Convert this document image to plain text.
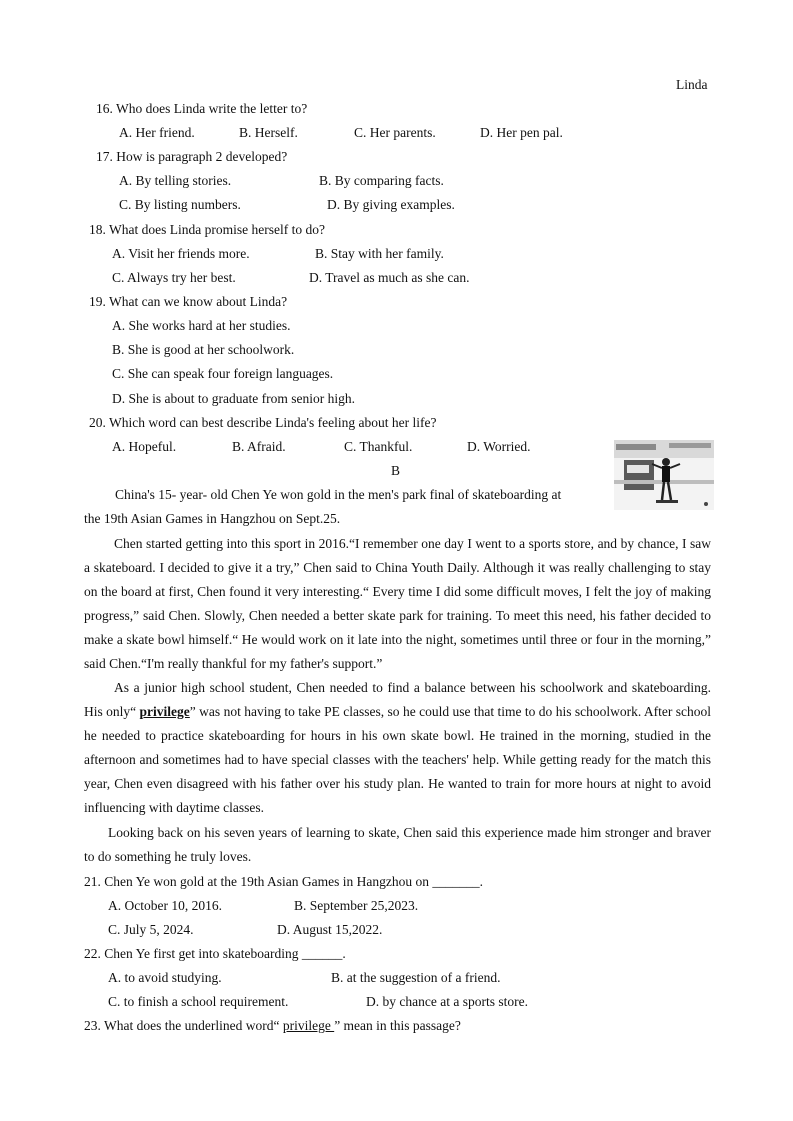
Linda
16. Who does Linda write the letter to?
A. Her friend.	B. Herself.	C. Her parents.	D. Her pen pal.
17. How is paragraph 2 developed?
A. By telling stories.	B. By comparing facts.
C. By listing numbers.	D. By giving examples.
18. What does Linda promise herself to do?
A. Visit her friends more.	B. Stay with her family.
C. Always try her best.	D. Travel as much as she can.
19. What can we know about Linda?
A. She works hard at her studies.
B. She is good at her schoolwork.
C. She can speak four foreign languages.
D. She is about to graduate from senior high.
20. Which word can best describe Linda's feeling about her life?
A. Hopeful.	B. Afraid.	C. Thankful.	D. Worried.
B
China's 15- year- old Chen Ye won gold in the men's park final of skateboarding at
the 19th Asian Games in Hangzhou on Sept.25.
Chen started getting into this sport in 2016.“I remember one day I went to a sports store, and by chance, I saw a skateboard. I decided to give it a try,” Chen said to China Youth Daily. Although it was really challenging to stay on the board at first, Chen found it very interesting.“ Every time I did some difficult moves, I felt the joy of making progress,” said Chen. Slowly, Chen needed a better skate park for training. To meet this need, his father decided to make a skate bowl himself.“ He would work on it late into the night, sometimes until three or four in the morning,” said Chen.“I'm really thankful for my father's support.”
As a junior high school student, Chen needed to find a balance between his schoolwork and skateboarding. His only“ privilege” was not having to take PE classes, so he could use that time to do his schoolwork. After school he needed to practice skateboarding for hours in his own skate bowl. He trained in the morning, studied in the afternoon and sometimes had to have special classes with the teachers' help. While getting ready for the match this year, Chen even disagreed with his father over his study plan. He wanted to train for more hours at night to avoid influencing with daytime classes.
Looking back on his seven years of learning to skate, Chen said this experience made him stronger and braver to do something he truly loves.
21. Chen Ye won gold at the 19th Asian Games in Hangzhou on _______.
A. October 10, 2016.	B. September 25,2023.
C. July 5, 2024.	D. August 15,2022.
22. Chen Ye first get into skateboarding ______.
A. to avoid studying.	B. at the suggestion of a friend.
C. to finish a school requirement.	D. by chance at a sports store.
23. What does the underlined word“ privilege ” mean in this passage?
